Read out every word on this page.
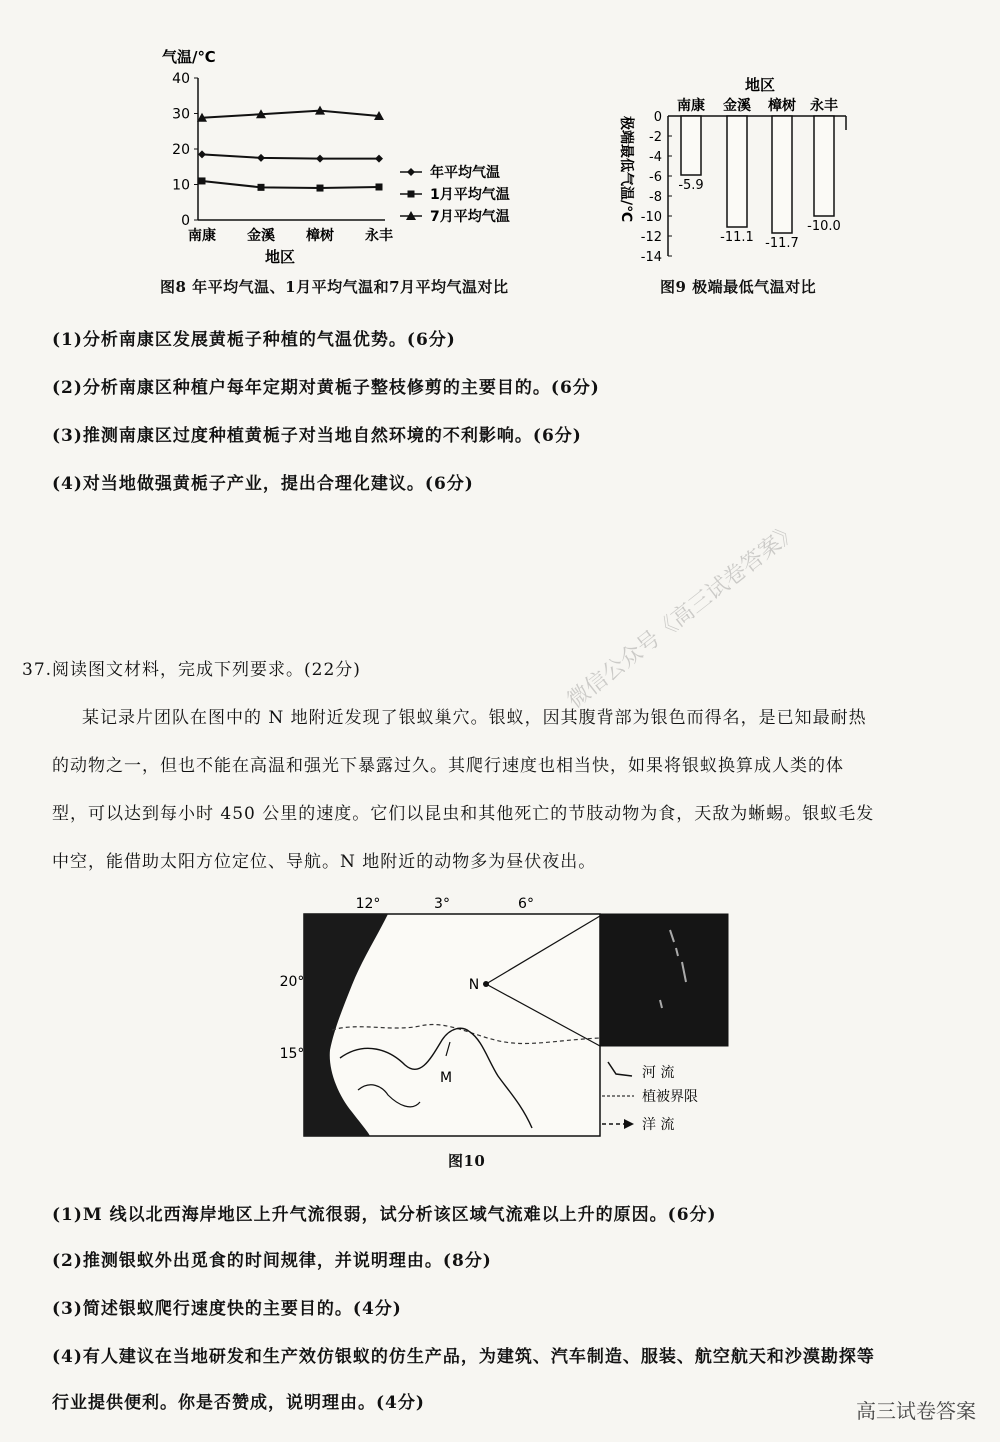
气温/℃
0
10
20
30
40
南康 金溪 樟树 永丰
年平均气温
1月平均气温
7月平均气温
地区
图8 年平均气温、1月平均气温和7月平均气温对比
地区
极端最低气温/℃ 0
-2
-4
-6
-8
-10
-12
-14
南康 金溪 樟树 永丰
-5.9
-11.1 -11.7
-10.0
图9 极端最低气温对比
(1)分析南康区发展黄栀子种植的气温优势。(6分)
(2)分析南康区种植户每年定期对黄栀子整枝修剪的主要目的。(6分)
(3)推测南康区过度种植黄栀子对当地自然环境的不利影响。(6分)
(4)对当地做强黄栀子产业，提出合理化建议。(6分)
37.阅读图文材料，完成下列要求。(22分)
某记录片团队在图中的 N 地附近发现了银蚁巢穴。银蚁，因其腹背部为银色而得名，是已知最耐热
的动物之一，但也不能在高温和强光下暴露过久。其爬行速度也相当快，如果将银蚁换算成人类的体
型，可以达到每小时 450 公里的速度。它们以昆虫和其他死亡的节肢动物为食，天敌为蜥蜴。银蚁毛发
中空，能借助太阳方位定位、导航。N 地附近的动物多为昼伏夜出。
微信公众号《高三试卷答案》
12°	3°	6°
20°
15°
M
N
河 流
植被界限
洋 流
图10
(1)M 线以北西海岸地区上升气流很弱，试分析该区域气流难以上升的原因。(6分)
(2)推测银蚁外出觅食的时间规律，并说明理由。(8分)
(3)简述银蚁爬行速度快的主要目的。(4分)
(4)有人建议在当地研发和生产效仿银蚁的仿生产品，为建筑、汽车制造、服装、航空航天和沙漠勘探等
行业提供便利。你是否赞成，说明理由。(4分)	高三试卷答案
